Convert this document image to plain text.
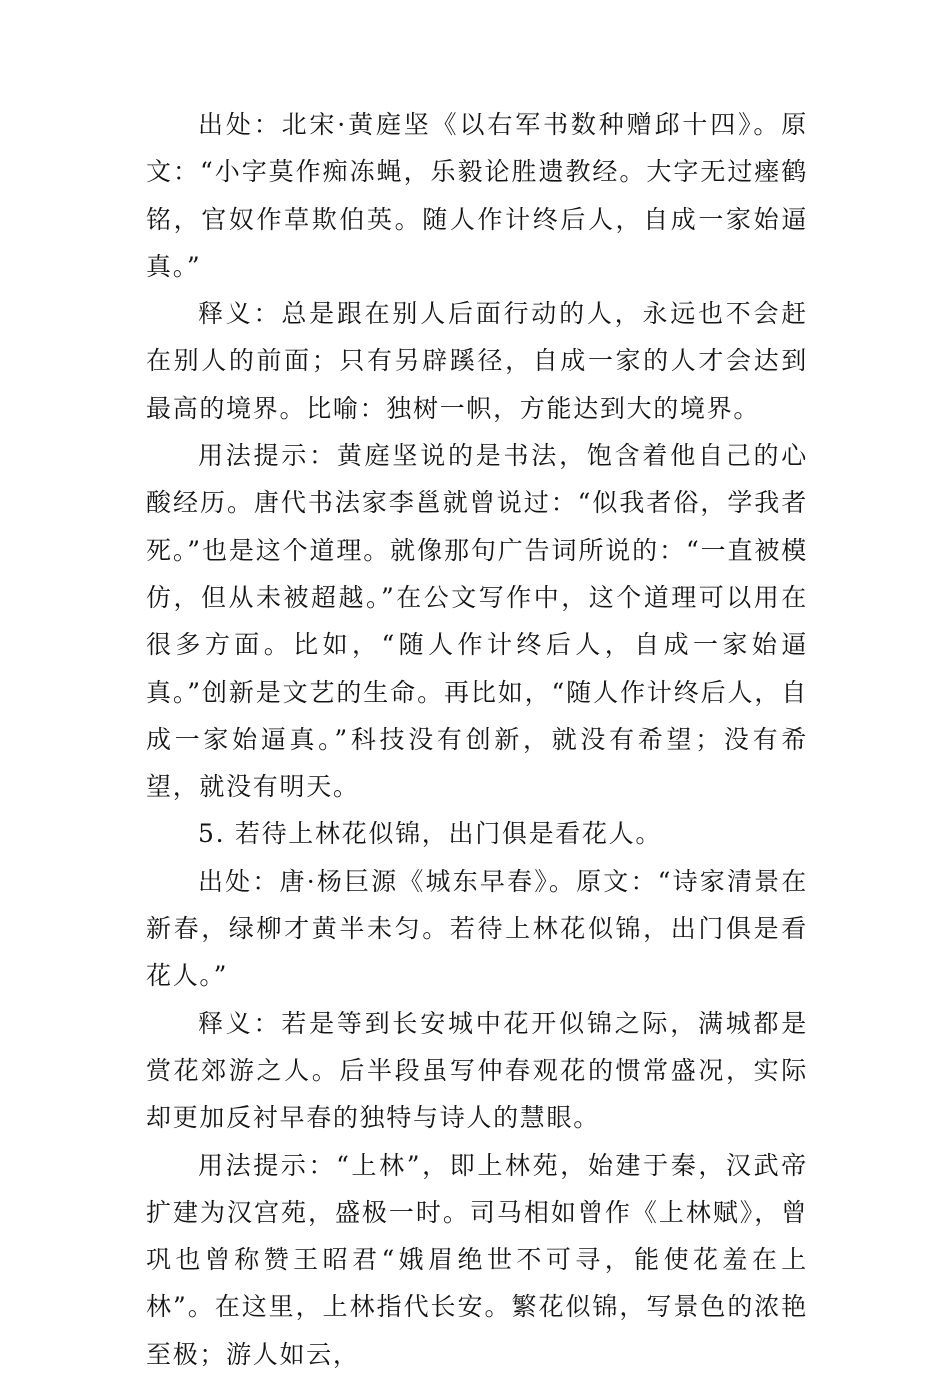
出处：北宋·黄庭坚《以右军书数种赠邱十四》。原文：“小字莫作痴冻蝇，乐毅论胜遗教经。大字无过瘗鹤铭，官奴作草欺伯英。随人作计终后人，自成一家始逼真。”

释义：总是跟在别人后面行动的人，永远也不会赶在别人的前面；只有另辟蹊径，自成一家的人才会达到最高的境界。比喻：独树一帜，方能达到大的境界。

用法提示：黄庭坚说的是书法，饱含着他自己的心酸经历。唐代书法家李邕就曾说过：“似我者俗，学我者死。”也是这个道理。就像那句广告词所说的：“一直被模仿，但从未被超越。”在公文写作中，这个道理可以用在很多方面。比如，“随人作计终后人，自成一家始逼真。”创新是文艺的生命。再比如，“随人作计终后人，自成一家始逼真。”科技没有创新，就没有希望；没有希望，就没有明天。

5. 若待上林花似锦，出门俱是看花人。

出处：唐·杨巨源《城东早春》。原文：“诗家清景在新春，绿柳才黄半未匀。若待上林花似锦，出门俱是看花人。”

释义：若是等到长安城中花开似锦之际，满城都是赏花郊游之人。后半段虽写仲春观花的惯常盛况，实际却更加反衬早春的独特与诗人的慧眼。

用法提示：“上林”，即上林苑，始建于秦，汉武帝扩建为汉宫苑，盛极一时。司马相如曾作《上林赋》，曾巩也曾称赞王昭君“娥眉绝世不可寻，能使花羞在上林”。在这里，上林指代长安。繁花似锦，写景色的浓艳至极；游人如云，
